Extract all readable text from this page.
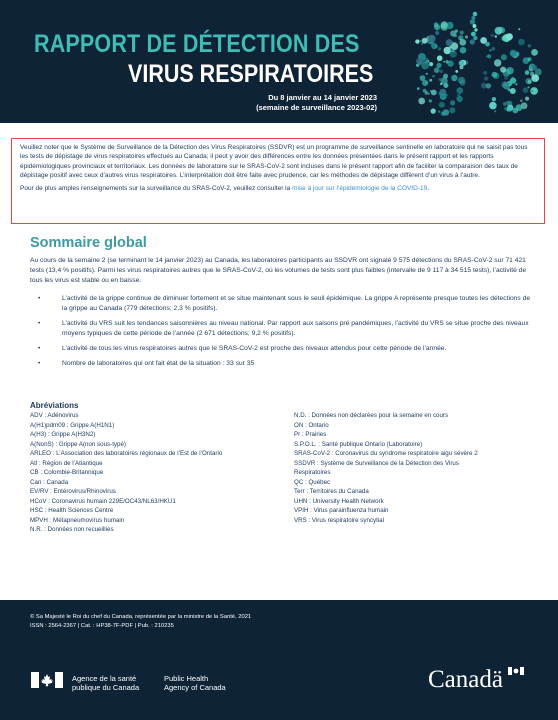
RAPPORT DE DÉTECTION DES
VIRUS RESPIRATOIRES
Du 8 janvier au 14 janvier 2023
(semaine de surveillance 2023-02)

Veuillez noter que le Système de Surveillance de la Détection des Virus Respiratoires (SSDVR) est un programme de surveillance sentinelle en laboratoire qui ne saisit pas tous les tests de dépistage de virus respiratoires effectués au Canada; il peut y avoir des différences entre les données présentées dans le présent rapport et les rapports épidémiologiques provinciaux et territoriaux. Les données de laboratoire sur le SRAS-CoV-2 sont incluses dans le présent rapport afin de faciliter la comparaison des taux de dépistage positif avec ceux d’autres virus respiratoires. L’interprétation doit être faite avec prudence, car les méthodes de dépistage diffèrent d’un virus à l’autre.

Pour de plus amples renseignements sur la surveillance du SRAS-CoV-2, veuillez consulter la mise à jour sur l’épidémiologie de la COVID-19.

Sommaire global
Au cours de la semaine 2 (se terminant le 14 janvier 2023) au Canada, les laboratoires participants au SSDVR ont signalé 9 575 détections du SRAS-CoV-2 sur 71 421 tests (13,4 % positifs). Parmi les virus respiratoires autres que le SRAS-CoV-2, où les volumes de tests sont plus faibles (intervalle de 9 117 à 34 515 tests), l’activité de tous les virus est stable ou en baisse.
•	L’activité de la grippe continue de diminuer fortement et se situe maintenant sous le seuil épidémique. La grippe A représente presque toutes les détections de la grippe au Canada (779 détections; 2,3 % positifs).
•	L’activité du VRS suit les tendances saisonnières au niveau national. Par rapport aux saisons pré pandémiques, l’activité du VRS se situe proche des niveaux moyens typiques de cette période de l’année (2 671 détections; 9,2 % positifs).
•	L’activité de tous les virus respiratoires autres que le SRAS-CoV-2 est proche des niveaux attendus pour cette période de l’année.
•	Nombre de laboratoires qui ont fait état de la situation : 33 sur 35
Abréviations
ADV : Adénovirus
A(H1)pdm09 : Grippe A(H1N1)
A(H3) : Grippe A(H3N2)
A(NonS) : Grippe A(non sous-typé)
ARLEO : L’Association des laboratoires régionaux de l’Est de l’Ontario
Atl : Région de l’Atlantique
CB : Colombie-Britannique
Can : Canada
EV/RV : Entérovirus/Rhinovirus
HCoV : Coronavirus humain 229E/OC43/NL63/HKU1
HSC : Health Sciences Centre
MPVH : Métapneumovirus humain
N.R. : Données non recueillies
N.D. : Données non déclarées pour la semaine en cours
ON : Ontario
Pr : Prairies
S.P.O.L. : Santé publique Ontario (Laboratoire)
SRAS-CoV-2 : Coronavirus du syndrome respiratoire aigu sévère 2
SSDVR : Système de Surveillance de la Détection des Virus Respiratoires
QC : Québec
Terr : Territoires du Canada
UHN : University Health Network
VPIH : Virus parainfluenza humain
VRS : Virus respiratoire syncytial
© Sa Majesté le Roi du chef du Canada, représentée par la ministre de la Santé, 2021
ISSN : 2564-2367 | Cat. : HP38-7F-PDF | Pub. : 210235
Agence de la santé
publique du Canada
Public Health
Agency of Canada	Canadä
